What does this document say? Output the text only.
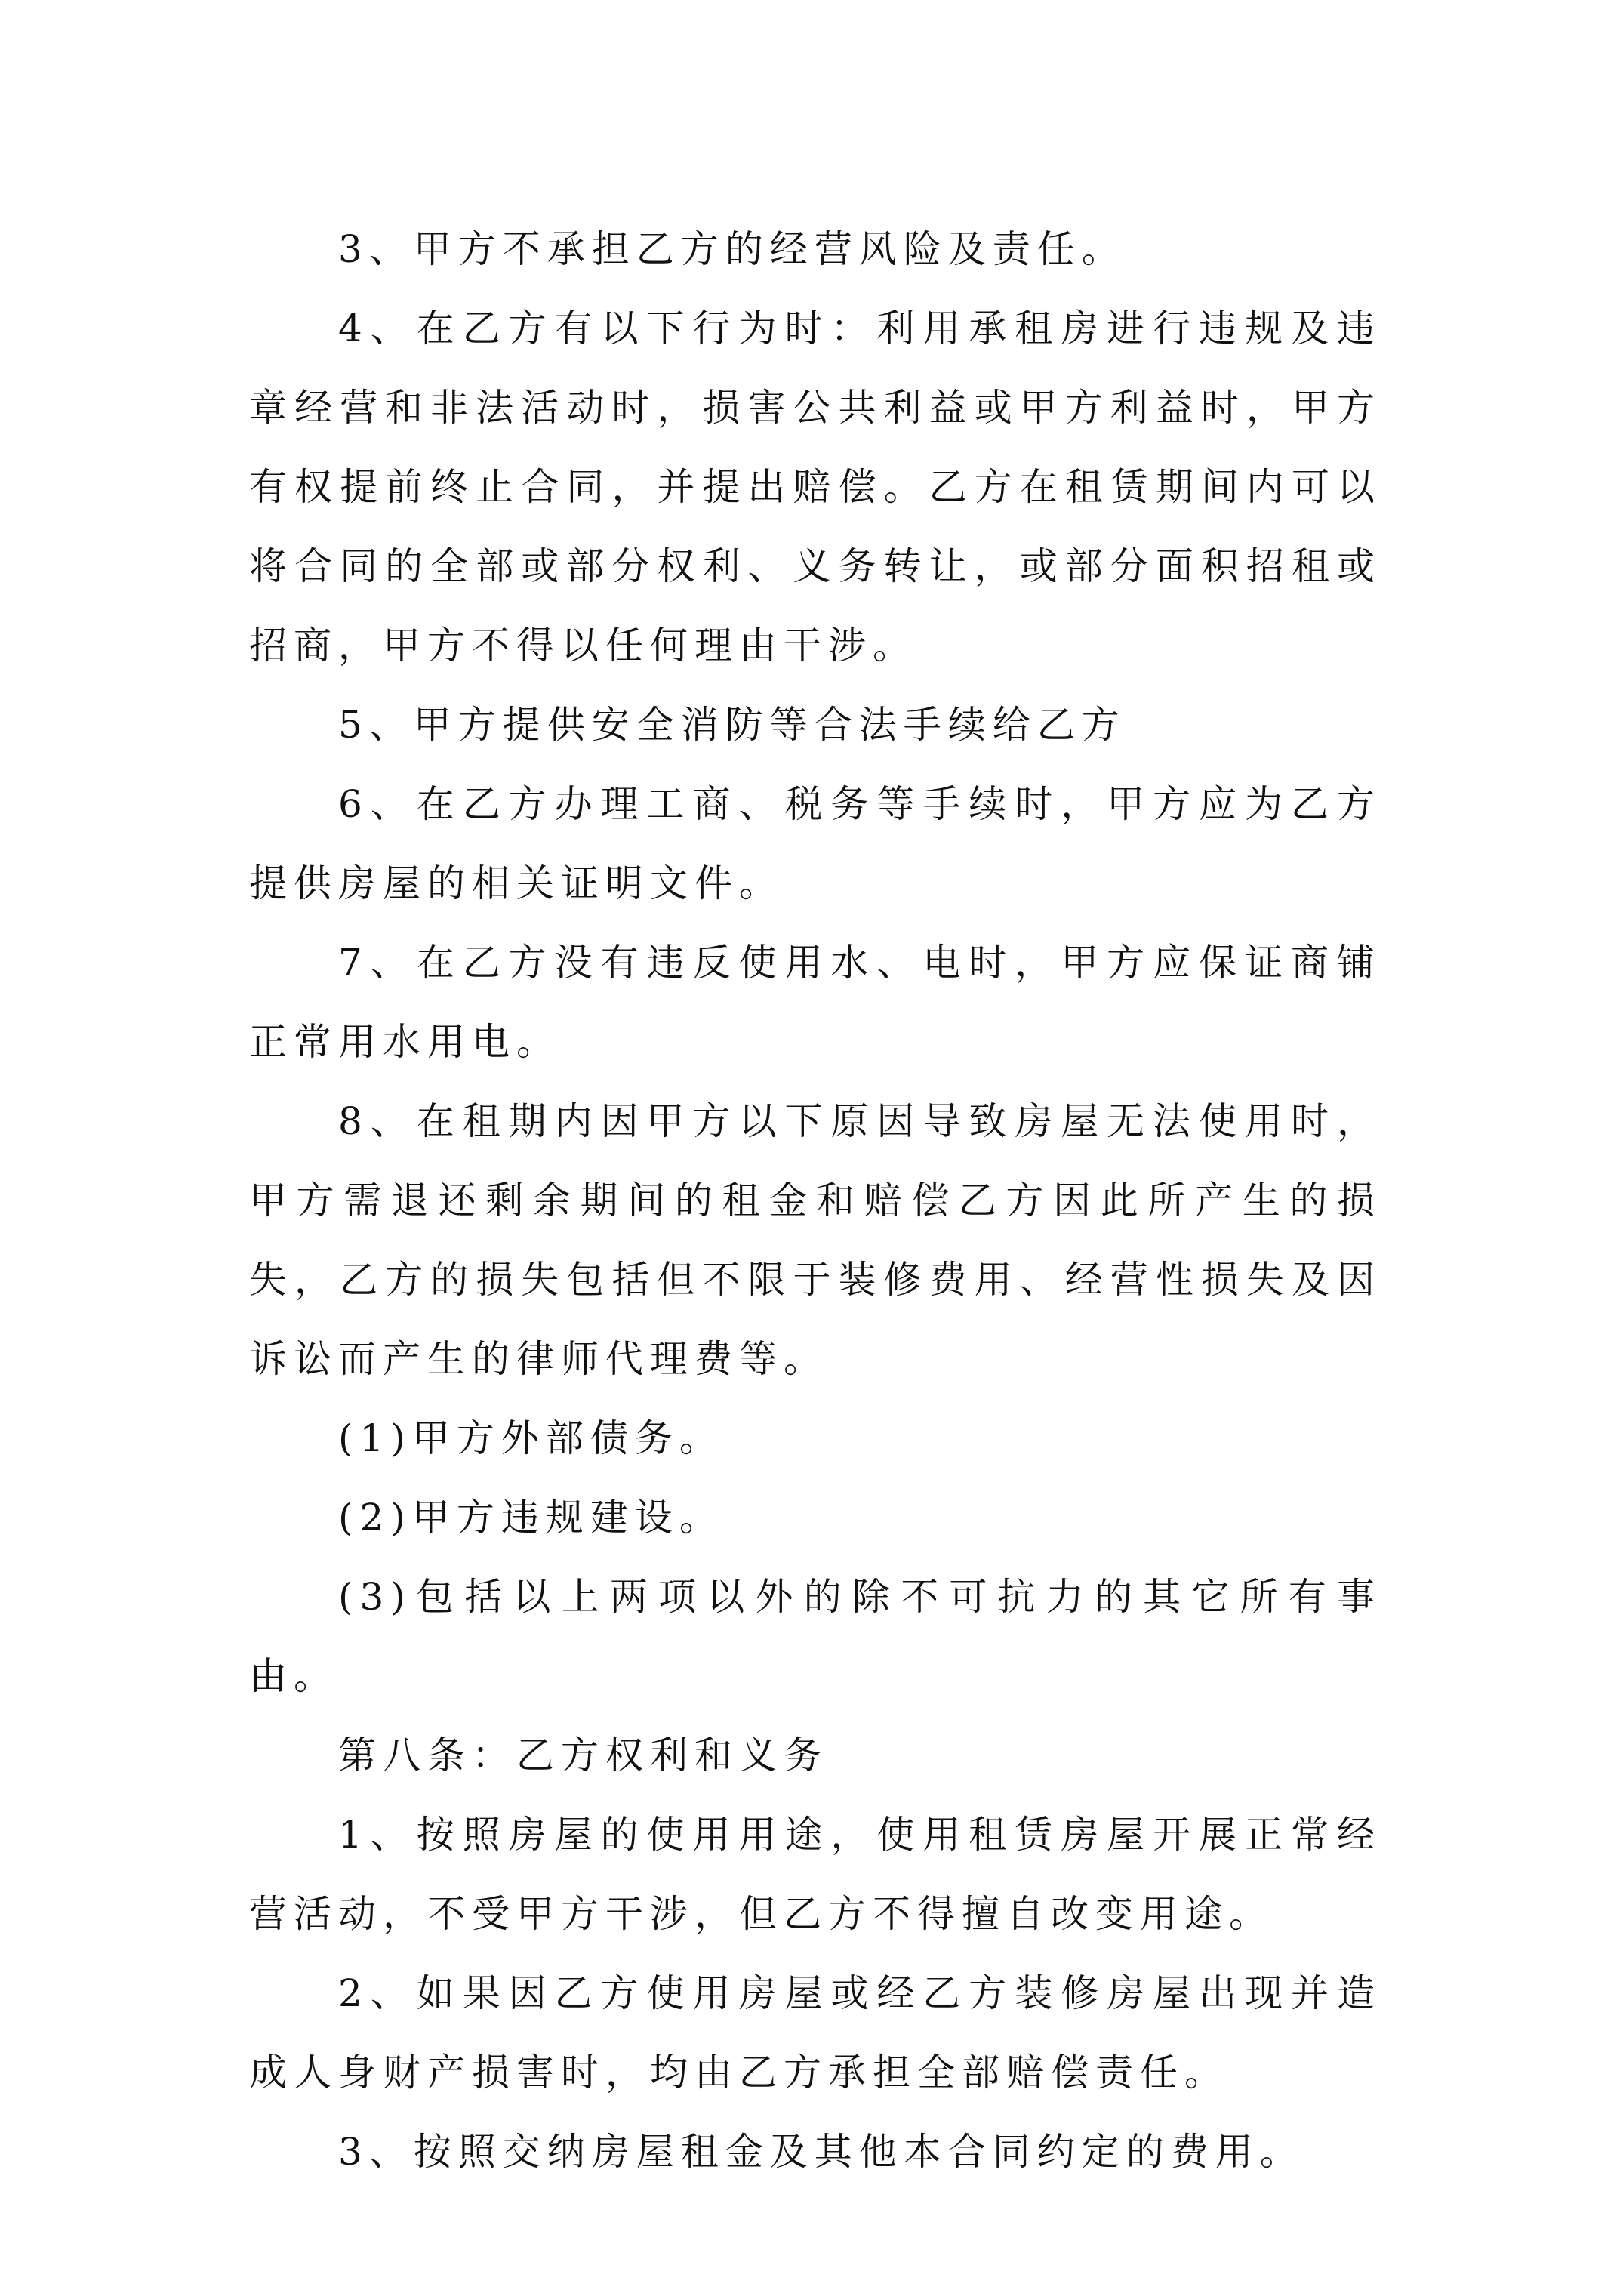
3、甲方不承担乙方的经营风险及责任。

4、在乙方有以下行为时：利用承租房进行违规及违章经营和非法活动时，损害公共利益或甲方利益时，甲方有权提前终止合同，并提出赔偿。乙方在租赁期间内可以将合同的全部或部分权利、义务转让，或部分面积招租或招商，甲方不得以任何理由干涉。

5、甲方提供安全消防等合法手续给乙方

6、在乙方办理工商、税务等手续时，甲方应为乙方提供房屋的相关证明文件。

7、在乙方没有违反使用水、电时，甲方应保证商铺正常用水用电。

8、在租期内因甲方以下原因导致房屋无法使用时，甲方需退还剩余期间的租金和赔偿乙方因此所产生的损失，乙方的损失包括但不限于装修费用、经营性损失及因诉讼而产生的律师代理费等。

(1)甲方外部债务。

(2)甲方违规建设。

(3)包括以上两项以外的除不可抗力的其它所有事由。

第八条：乙方权利和义务

1、按照房屋的使用用途，使用租赁房屋开展正常经营活动，不受甲方干涉，但乙方不得擅自改变用途。

2、如果因乙方使用房屋或经乙方装修房屋出现并造成人身财产损害时，均由乙方承担全部赔偿责任。

3、按照交纳房屋租金及其他本合同约定的费用。
